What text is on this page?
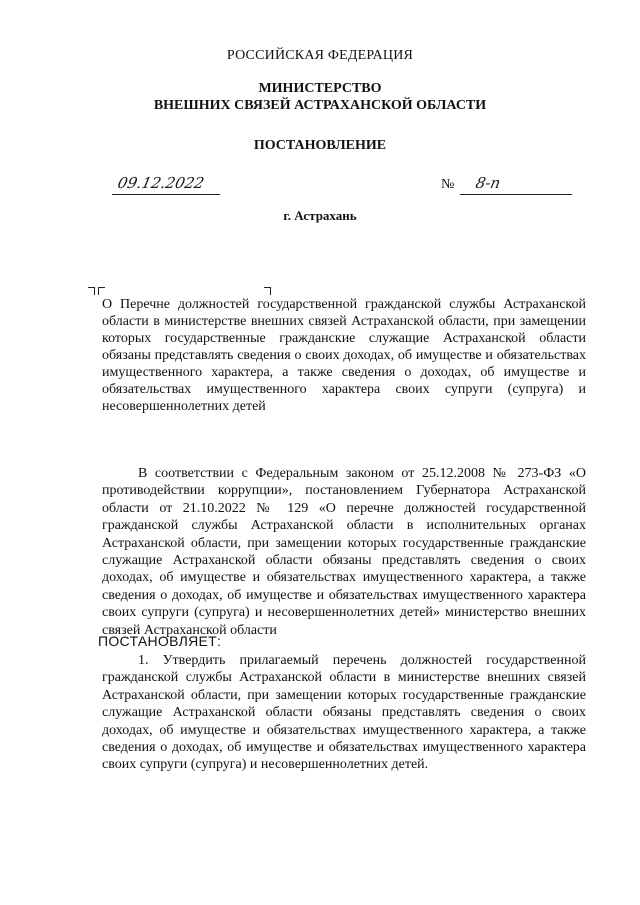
РОССИЙСКАЯ ФЕДЕРАЦИЯ
МИНИСТЕРСТВО
ВНЕШНИХ СВЯЗЕЙ АСТРАХАНСКОЙ ОБЛАСТИ
ПОСТАНОВЛЕНИЕ
09.12.2022	№ 8-п
г. Астрахань
О Перечне должностей государственной гражданской службы Астраханской области в министерстве внешних связей Астраханской области, при замещении которых государственные гражданские служащие Астраханской области обязаны представлять сведения о своих доходах, об имуществе и обязательствах имущественного характера, а также сведения о доходах, об имуществе и обязательствах имущественного характера своих супруги (супруга) и несовершеннолетних детей
В соответствии с Федеральным законом от 25.12.2008 № 273-ФЗ «О противодействии коррупции», постановлением Губернатора Астраханской области от 21.10.2022 № 129 «О перечне должностей государственной гражданской службы Астраханской области в исполнительных органах Астраханской области, при замещении которых государственные гражданские служащие Астраханской области обязаны представлять сведения о своих доходах, об имуществе и обязательствах имущественного характера, а также сведения о доходах, об имуществе и обязательствах имущественного характера своих супруги (супруга) и несовершеннолетних детей» министерство внешних связей Астраханской области
ПОСТАНОВЛЯЕТ:
1. Утвердить прилагаемый перечень должностей государственной гражданской службы Астраханской области в министерстве внешних связей Астраханской области, при замещении которых государственные гражданские служащие Астраханской области обязаны представлять сведения о своих доходах, об имуществе и обязательствах имущественного характера, а также сведения о доходах, об имуществе и обязательствах имущественного характера своих супруги (супруга) и несовершеннолетних детей.
